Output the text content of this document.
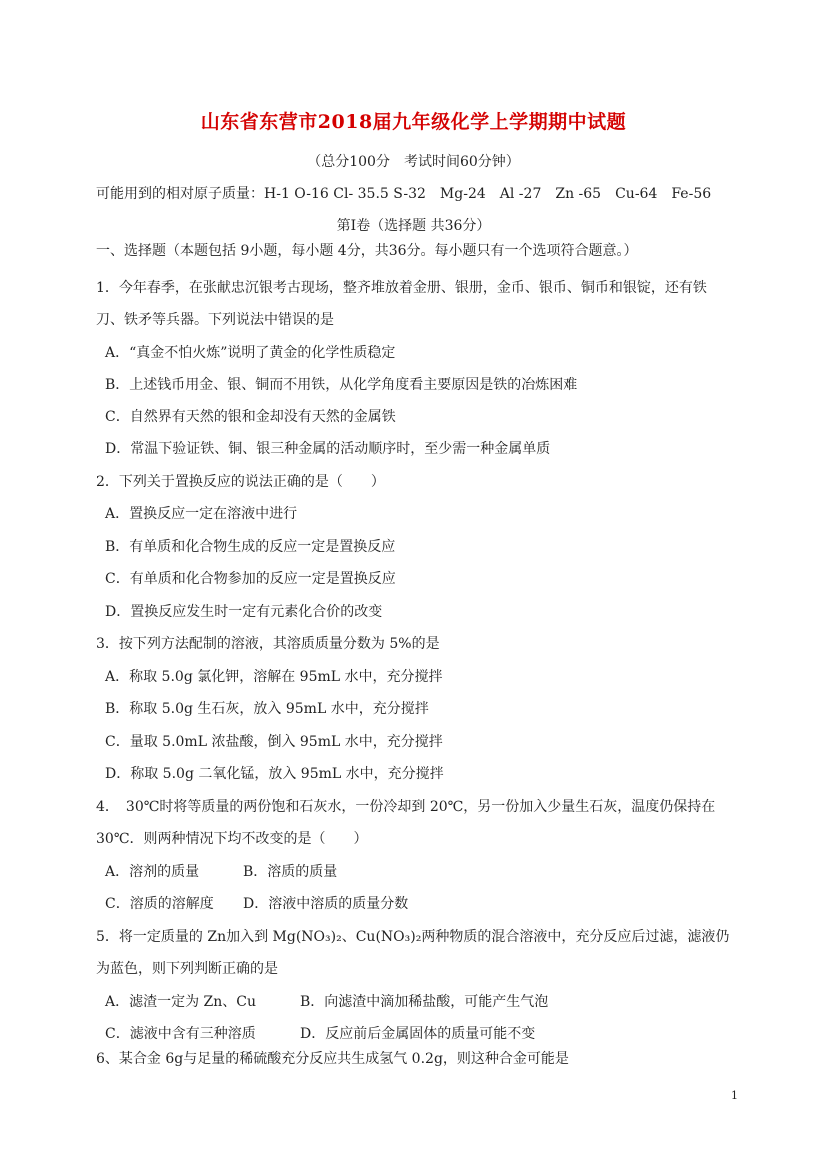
山东省东营市2018届九年级化学上学期期中试题
（总分100分　考试时间60分钟）
可能用到的相对原子质量：H-1 O-16 Cl- 35.5 S-32　Mg-24　Al -27　Zn -65　Cu-64　Fe-56
第Ⅰ卷（选择题 共36分）
一、选择题（本题包括 9小题，每小题 4分，共36分。每小题只有一个选项符合题意。）
1．今年春季，在张献忠沉银考古现场，整齐堆放着金册、银册，金币、银币、铜币和银锭，还有铁
刀、铁矛等兵器。下列说法中错误的是
A．“真金不怕火炼”说明了黄金的化学性质稳定
B．上述钱币用金、银、铜而不用铁，从化学角度看主要原因是铁的冶炼困难
C．自然界有天然的银和金却没有天然的金属铁
D．常温下验证铁、铜、银三种金属的活动顺序时，至少需一种金属单质
2．下列关于置换反应的说法正确的是（　　）
A．置换反应一定在溶液中进行
B．有单质和化合物生成的反应一定是置换反应
C．有单质和化合物参加的反应一定是置换反应
D．置换反应发生时一定有元素化合价的改变
3．按下列方法配制的溶液，其溶质质量分数为 5%的是
A．称取 5.0g 氯化钾，溶解在 95mL 水中，充分搅拌
B．称取 5.0g 生石灰，放入 95mL 水中，充分搅拌
C．量取 5.0mL 浓盐酸，倒入 95mL 水中，充分搅拌
D．称取 5.0g 二氧化锰，放入 95mL 水中，充分搅拌
4．　30℃时将等质量的两份饱和石灰水，一份冷却到 20℃，另一份加入少量生石灰，温度仍保持在
30℃．则两种情况下均不改变的是（　　）
A．溶剂的质量	B．溶质的质量
C．溶质的溶解度 D．溶液中溶质的质量分数
5．将一定质量的 Zn加入到 Mg(NO₃)₂、Cu(NO₃)₂两种物质的混合溶液中，充分反应后过滤，滤液仍
为蓝色，则下列判断正确的是
A．滤渣一定为 Zn、Cu	B．向滤渣中滴加稀盐酸，可能产生气泡
C．滤液中含有三种溶质	D．反应前后金属固体的质量可能不变
6、某合金 6g与足量的稀硫酸充分反应共生成氢气 0.2g，则这种合金可能是
1
